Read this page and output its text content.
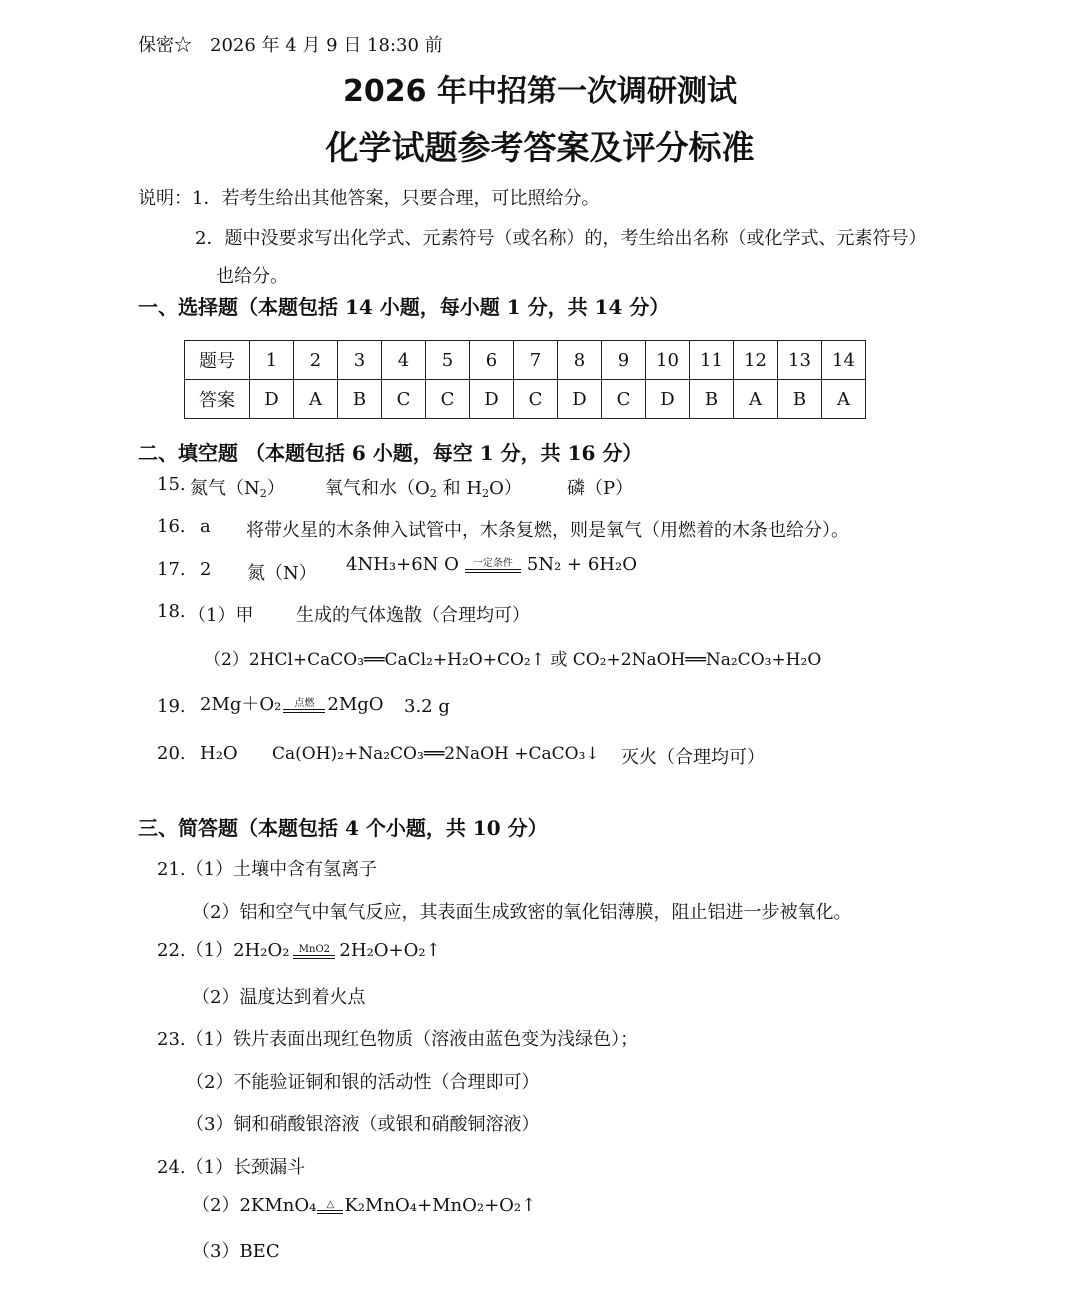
保密☆　2026 年 4 月 9 日 18:30 前
2026 年中招第一次调研测试
化学试题参考答案及评分标准
说明：1．若考生给出其他答案，只要合理，可比照给分。
2．题中没要求写出化学式、元素符号（或名称）的，考生给出名称（或化学式、元素符号）
也给分。
一、选择题（本题包括 14 小题，每小题 1 分，共 14 分）
题号	1	2	3	4	5	6	7	8	9	10	11	12	13	14
答案	D	A	B	C	C	D	C	D	C	D	B	A	B	A
二、填空题 （本题包括 6 小题，每空 1 分，共 16 分）
15. 氮气$(N_2)$ 氧气和水（$O_2$ 和 $H_2O$）	磷（P）
16. a 将带火星的木条伸入试管中，木条复燃，则是氧气（用燃着的木条也给分）。
17. 2 氮（N） 4NH₃+6N O	一定条件 5N₂ + 6H₂O
18. （1）甲 生成的气体逸散（合理均可）
（2）2HCl+CaCO₃══CaCl₂+H₂O+CO₂↑ 或 CO₂+2NaOH══Na₂CO₃+H₂O
19. 2Mg＋O₂	点燃 2MgO 3.2 g
20. H₂O Ca(OH)₂+Na₂CO₃══2NaOH +CaCO₃↓ 灭火（合理均可）
三、简答题（本题包括 4 个小题，共 10 分）
21.（1）土壤中含有氢离子
（2）铝和空气中氧气反应，其表面生成致密的氧化铝薄膜，阻止铝进一步被氧化。
22.（1）2H₂O₂ MnO2 2H₂O+O₂↑
（2）温度达到着火点
23.（1）铁片表面出现红色物质（溶液由蓝色变为浅绿色）；
（2）不能验证铜和银的活动性（合理即可）
（3）铜和硝酸银溶液（或银和硝酸铜溶液）
24.（1）长颈漏斗
（2）2KMnO₄	△ K₂MnO₄+MnO₂+O₂↑
（3）BEC
